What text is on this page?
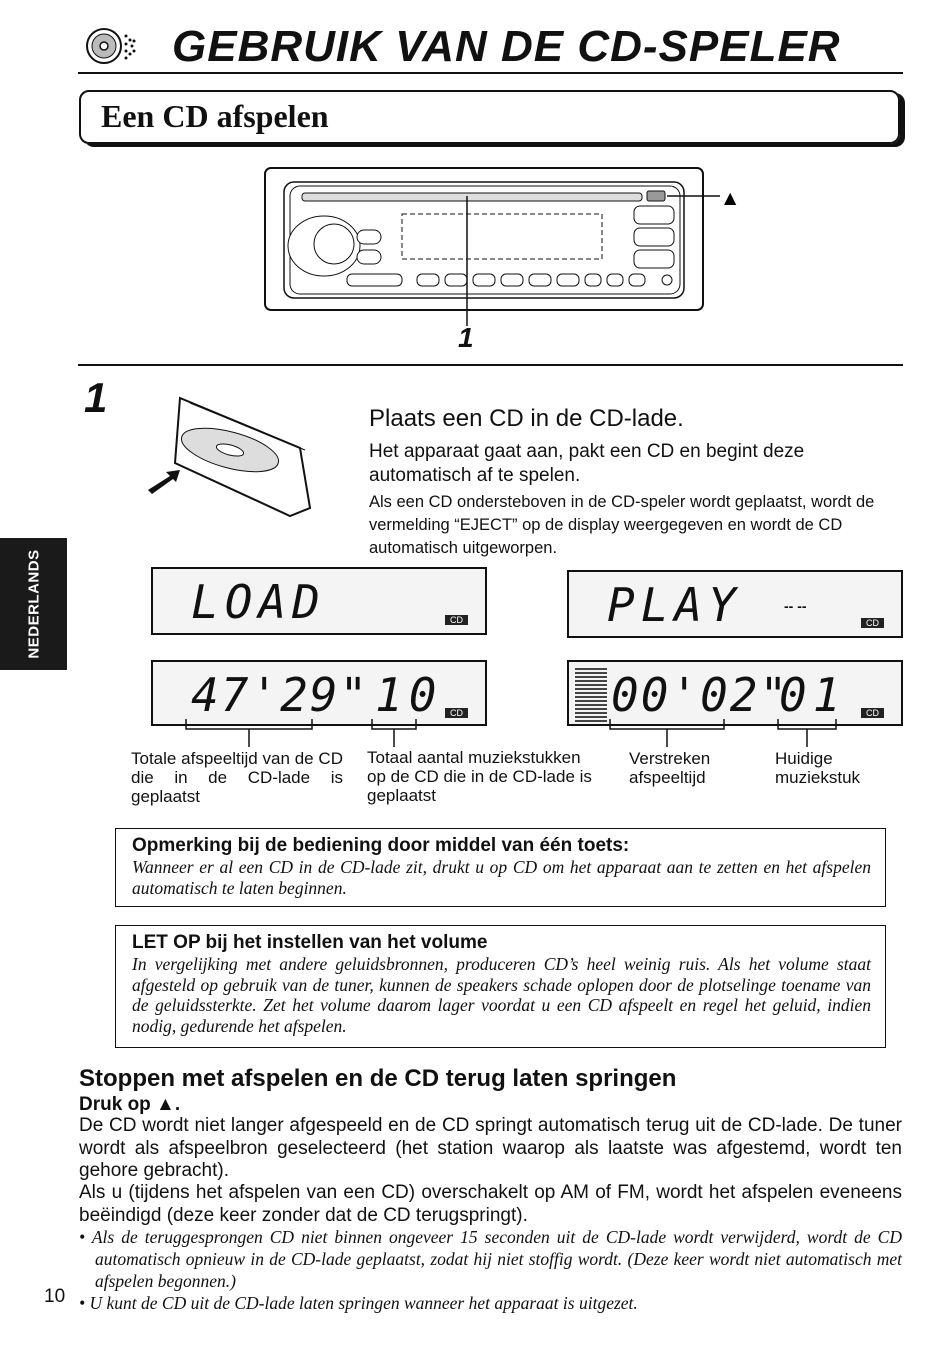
GEBRUIK VAN DE CD-SPELER
Een CD afspelen
▲
1
NEDERLANDS
1	Plaats een CD in de CD-lade.
Het apparaat gaat aan, pakt een CD en begint deze automatisch af te spelen.
Als een CD ondersteboven in de CD-speler wordt geplaatst, wordt de vermelding “EJECT” op de display weergegeven en wordt de CD automatisch uitgeworpen.
LOAD	CD	PLAY	-- --
CD
47'29" 10 CD	00'02"
01	CD
Totale afspeeltijd van de CD die in de CD-lade is geplaatst
Totaal aantal muziekstukken op de CD die in de CD-lade is geplaatst
Verstreken afspeeltijd
Huidige muziekstuk
Opmerking bij de bediening door middel van één toets:
Wanneer er al een CD in de CD-lade zit, drukt u op CD om het apparaat aan te zetten en het afspelen automatisch te laten beginnen.
LET OP bij het instellen van het volume
In vergelijking met andere geluidsbronnen, produceren CD’s heel weinig ruis. Als het volume staat afgesteld op gebruik van de tuner, kunnen de speakers schade oplopen door de plotselinge toename van de geluidssterkte. Zet het volume daarom lager voordat u een CD afspeelt en regel het geluid, indien nodig, gedurende het afspelen.
Stoppen met afspelen en de CD terug laten springen
Druk op ▲.
De CD wordt niet langer afgespeeld en de CD springt automatisch terug uit de CD-lade. De tuner wordt als afspeelbron geselecteerd (het station waarop als laatste was afgestemd, wordt ten gehore gebracht).
Als u (tijdens het afspelen van een CD) overschakelt op AM of FM, wordt het afspelen eveneens beëindigd (deze keer zonder dat de CD terugspringt).
• Als de teruggesprongen CD niet binnen ongeveer 15 seconden uit de CD-lade wordt verwijderd, wordt de CD automatisch opnieuw in de CD-lade geplaatst, zodat hij niet stoffig wordt. (Deze keer wordt niet automatisch met afspelen begonnen.)
• U kunt de CD uit de CD-lade laten springen wanneer het apparaat is uitgezet.
10
